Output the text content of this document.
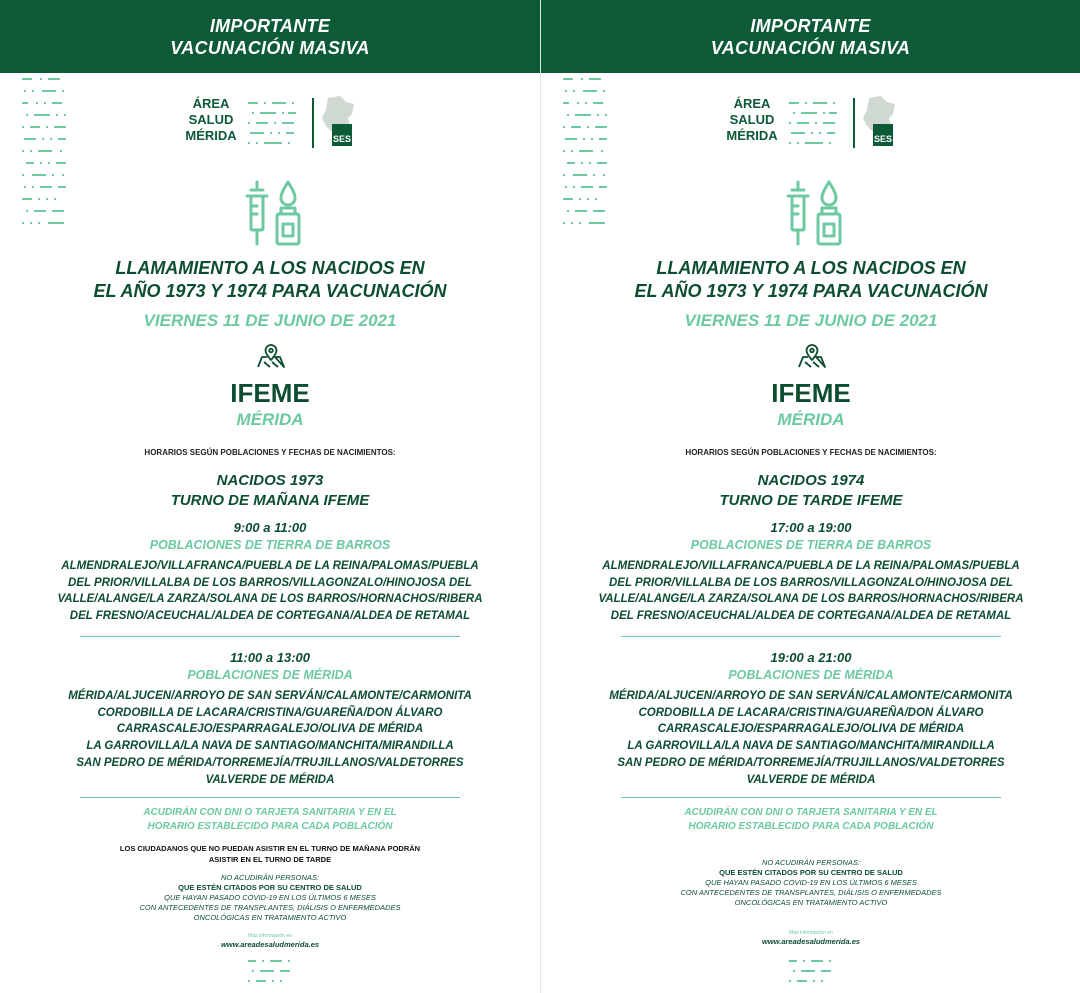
IMPORTANTE
VACUNACIÓN MASIVA
ÁREA
SALUD
MÉRIDA	SES
LLAMAMIENTO A LOS NACIDOS EN
EL AÑO 1973 Y 1974 PARA VACUNACIÓN
VIERNES 11 DE JUNIO DE 2021
IFEME
MÉRIDA
HORARIOS SEGÚN POBLACIONES Y FECHAS DE NACIMIENTOS:
NACIDOS 1973
TURNO DE MAÑANA IFEME
9:00 a 11:00
POBLACIONES DE TIERRA DE BARROS
ALMENDRALEJO/VILLAFRANCA/PUEBLA DE LA REINA/PALOMAS/PUEBLA
DEL PRIOR/VILLALBA DE LOS BARROS/VILLAGONZALO/HINOJOSA DEL
VALLE/ALANGE/LA ZARZA/SOLANA DE LOS BARROS/HORNACHOS/RIBERA
DEL FRESNO/ACEUCHAL/ALDEA DE CORTEGANA/ALDEA DE RETAMAL
11:00 a 13:00
POBLACIONES DE MÉRIDA
MÉRIDA/ALJUCEN/ARROYO DE SAN SERVÁN/CALAMONTE/CARMONITA
CORDOBILLA DE LACARA/CRISTINA/GUAREÑA/DON ÁLVARO
CARRASCALEJO/ESPARRAGALEJO/OLIVA DE MÉRIDA
LA GARROVILLA/LA NAVA DE SANTIAGO/MANCHITA/MIRANDILLA
SAN PEDRO DE MÉRIDA/TORREMEJÍA/TRUJILLANOS/VALDETORRES
VALVERDE DE MÉRIDA
ACUDIRÁN CON DNI O TARJETA SANITARIA Y EN EL
HORARIO ESTABLECIDO PARA CADA POBLACIÓN
LOS CIUDADANOS QUE NO PUEDAN ASISTIR EN EL TURNO DE MAÑANA PODRÁN
ASISTIR EN EL TURNO DE TARDE
NO ACUDIRÁN PERSONAS:
QUE ESTÉN CITADOS POR SU CENTRO DE SALUD
QUE HAYAN PASADO COVID-19 EN LOS ÚLTIMOS 6 MESES
CON ANTECEDENTES DE TRANSPLANTES, DIÁLISIS O ENFERMEDADES
ONCOLÓGICAS EN TRATAMIENTO ACTIVO
Más información en
www.areadesaludmerida.es
IMPORTANTE
VACUNACIÓN MASIVA
ÁREA
SALUD
MÉRIDA	SES
LLAMAMIENTO A LOS NACIDOS EN
EL AÑO 1973 Y 1974 PARA VACUNACIÓN
VIERNES 11 DE JUNIO DE 2021
IFEME
MÉRIDA
HORARIOS SEGÚN POBLACIONES Y FECHAS DE NACIMIENTOS:
NACIDOS 1974
TURNO DE TARDE IFEME
17:00 a 19:00
POBLACIONES DE TIERRA DE BARROS
ALMENDRALEJO/VILLAFRANCA/PUEBLA DE LA REINA/PALOMAS/PUEBLA
DEL PRIOR/VILLALBA DE LOS BARROS/VILLAGONZALO/HINOJOSA DEL
VALLE/ALANGE/LA ZARZA/SOLANA DE LOS BARROS/HORNACHOS/RIBERA
DEL FRESNO/ACEUCHAL/ALDEA DE CORTEGANA/ALDEA DE RETAMAL
19:00 a 21:00
POBLACIONES DE MÉRIDA
MÉRIDA/ALJUCEN/ARROYO DE SAN SERVÁN/CALAMONTE/CARMONITA
CORDOBILLA DE LACARA/CRISTINA/GUAREÑA/DON ÁLVARO
CARRASCALEJO/ESPARRAGALEJO/OLIVA DE MÉRIDA
LA GARROVILLA/LA NAVA DE SANTIAGO/MANCHITA/MIRANDILLA
SAN PEDRO DE MÉRIDA/TORREMEJÍA/TRUJILLANOS/VALDETORRES
VALVERDE DE MÉRIDA
ACUDIRÁN CON DNI O TARJETA SANITARIA Y EN EL
HORARIO ESTABLECIDO PARA CADA POBLACIÓN
NO ACUDIRÁN PERSONAS:
QUE ESTÉN CITADOS POR SU CENTRO DE SALUD
QUE HAYAN PASADO COVID-19 EN LOS ÚLTIMOS 6 MESES
CON ANTECEDENTES DE TRANSPLANTES, DIÁLISIS O ENFERMEDADES
ONCOLÓGICAS EN TRATAMIENTO ACTIVO
Más información en
www.areadesaludmerida.es
